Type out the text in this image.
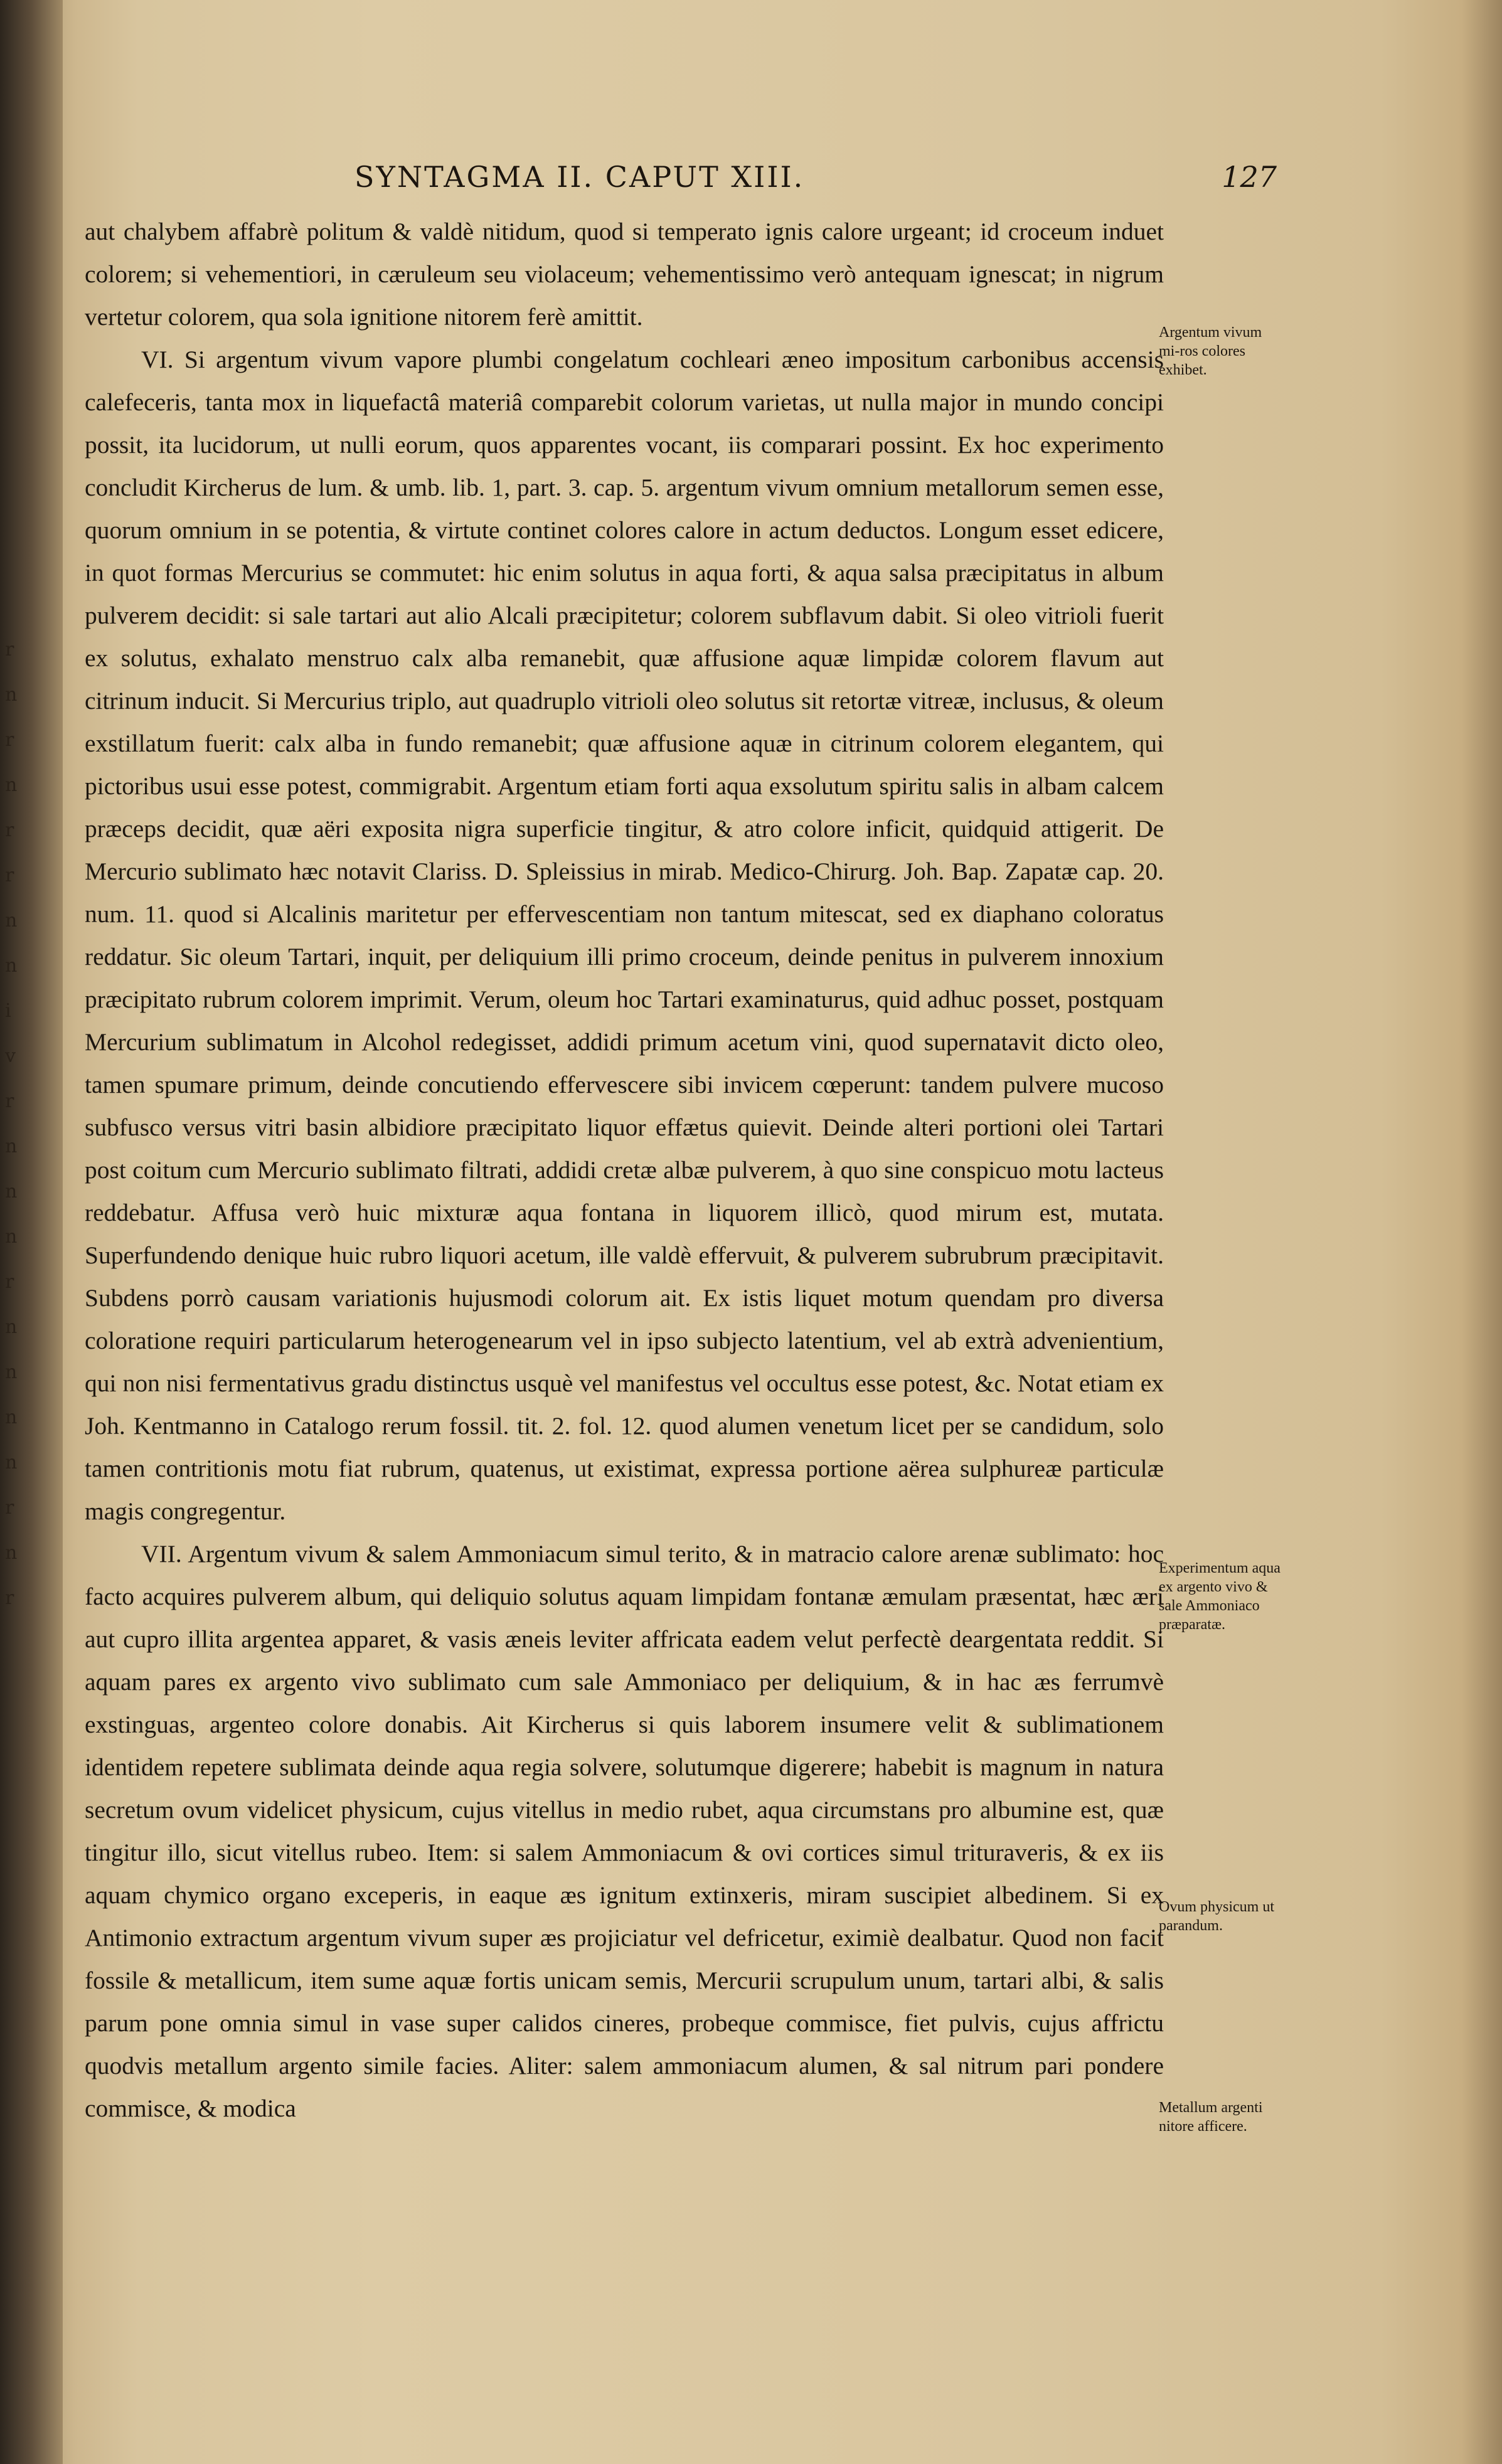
r
n
r
n
r
r
n
n
i
v
r
n
n
n
r
n
n
n
n
r
n
r
SYNTAGMA II. CAPUT XIII.	127

aut chalybem affabrè politum & valdè nitidum, quod si temperato ignis calore urgeant; id croceum induet colorem; si vehementiori, in cæruleum seu violaceum; vehementissimo verò antequam ignescat; in nigrum vertetur colorem, qua sola ignitione nitorem ferè amittit.

VI. Si argentum vivum vapore plumbi congelatum cochleari æneo impositum carbonibus accensis calefeceris, tanta mox in liquefactâ materiâ comparebit colorum varietas, ut nulla major in mundo concipi possit, ita lucidorum, ut nulli eorum, quos apparentes vocant, iis comparari possint. Ex hoc experimento concludit Kircherus de lum. & umb. lib. 1, part. 3. cap. 5. argentum vivum omnium metallorum semen esse, quorum omnium in se potentia, & virtute continet colores calore in actum deductos. Longum esset edicere, in quot formas Mercurius se commutet: hic enim solutus in aqua forti, & aqua salsa præcipitatus in album pulverem decidit: si sale tartari aut alio Alcali præcipitetur; colorem subflavum dabit. Si oleo vitrioli fuerit ex solutus, exhalato menstruo calx alba remanebit, quæ affusione aquæ limpidæ colorem flavum aut citrinum inducit. Si Mercurius triplo, aut quadruplo vitrioli oleo solutus sit retortæ vitreæ, inclusus, & oleum exstillatum fuerit: calx alba in fundo remanebit; quæ affusione aquæ in citrinum colorem elegantem, qui pictoribus usui esse potest, commigrabit. Argentum etiam forti aqua exsolutum spiritu salis in albam calcem præceps decidit, quæ aëri exposita nigra superficie tingitur, & atro colore inficit, quidquid attigerit. De Mercurio sublimato hæc notavit Clariss. D. Spleissius in mirab. Medico-Chirurg. Joh. Bap. Zapatæ cap. 20. num. 11. quod si Alcalinis maritetur per effervescentiam non tantum mitescat, sed ex diaphano coloratus reddatur. Sic oleum Tartari, inquit, per deliquium illi primo croceum, deinde penitus in pulverem innoxium præcipitato rubrum colorem imprimit. Verum, oleum hoc Tartari examinaturus, quid adhuc posset, postquam Mercurium sublimatum in Alcohol redegisset, addidi primum acetum vini, quod supernatavit dicto oleo, tamen spumare primum, deinde concutiendo effervescere sibi invicem cœperunt: tandem pulvere mucoso subfusco versus vitri basin albidiore præcipitato liquor effætus quievit. Deinde alteri portioni olei Tartari post coitum cum Mercurio sublimato filtrati, addidi cretæ albæ pulverem, à quo sine conspicuo motu lacteus reddebatur. Affusa verò huic mixturæ aqua fontana in liquorem illicò, quod mirum est, mutata. Superfundendo denique huic rubro liquori acetum, ille valdè effervuit, & pulverem subrubrum præcipitavit. Subdens porrò causam variationis hujusmodi colorum ait. Ex istis liquet motum quendam pro diversa coloratione requiri particularum heterogenearum vel in ipso subjecto latentium, vel ab extrà advenientium, qui non nisi fermentativus gradu distinctus usquè vel manifestus vel occultus esse potest, &c. Notat etiam ex Joh. Kentmanno in Catalogo rerum fossil. tit. 2. fol. 12. quod alumen venetum licet per se candidum, solo tamen contritionis motu fiat rubrum, quatenus, ut existimat, expressa portione aërea sulphureæ particulæ magis congregentur.

VII. Argentum vivum & salem Ammoniacum simul terito, & in matracio calore arenæ sublimato: hoc facto acquires pulverem album, qui deliquio solutus aquam limpidam fontanæ æmulam præsentat, hæc æri aut cupro illita argentea apparet, & vasis æneis leviter affricata eadem velut perfectè deargentata reddit. Si aquam pares ex argento vivo sublimato cum sale Ammoniaco per deliquium, & in hac æs ferrumvè exstinguas, argenteo colore donabis. Ait Kircherus si quis laborem insumere velit & sublimationem identidem repetere sublimata deinde aqua regia solvere, solutumque digerere; habebit is magnum in natura secretum ovum videlicet physicum, cujus vitellus in medio rubet, aqua circumstans pro albumine est, quæ tingitur illo, sicut vitellus rubeo. Item: si salem Ammoniacum & ovi cortices simul trituraveris, & ex iis aquam chymico organo exceperis, in eaque æs ignitum extinxeris, miram suscipiet albedinem. Si ex Antimonio extractum argentum vivum super æs projiciatur vel defricetur, eximiè dealbatur. Quod non facit fossile & metallicum, item sume aquæ fortis unicam semis, Mercurii scrupulum unum, tartari albi, & salis parum pone omnia simul in vase super calidos cineres, probeque commisce, fiet pulvis, cujus affrictu quodvis metallum argento simile facies. Aliter: salem ammoniacum alumen, & sal nitrum pari pondere commisce, & modica

Argentum vivum mi-ros colores exhibet.
Experimentum aqua ex argento vivo & sale Ammoniaco præparatæ.
Ovum physicum ut parandum.
Metallum argenti nitore afficere.
